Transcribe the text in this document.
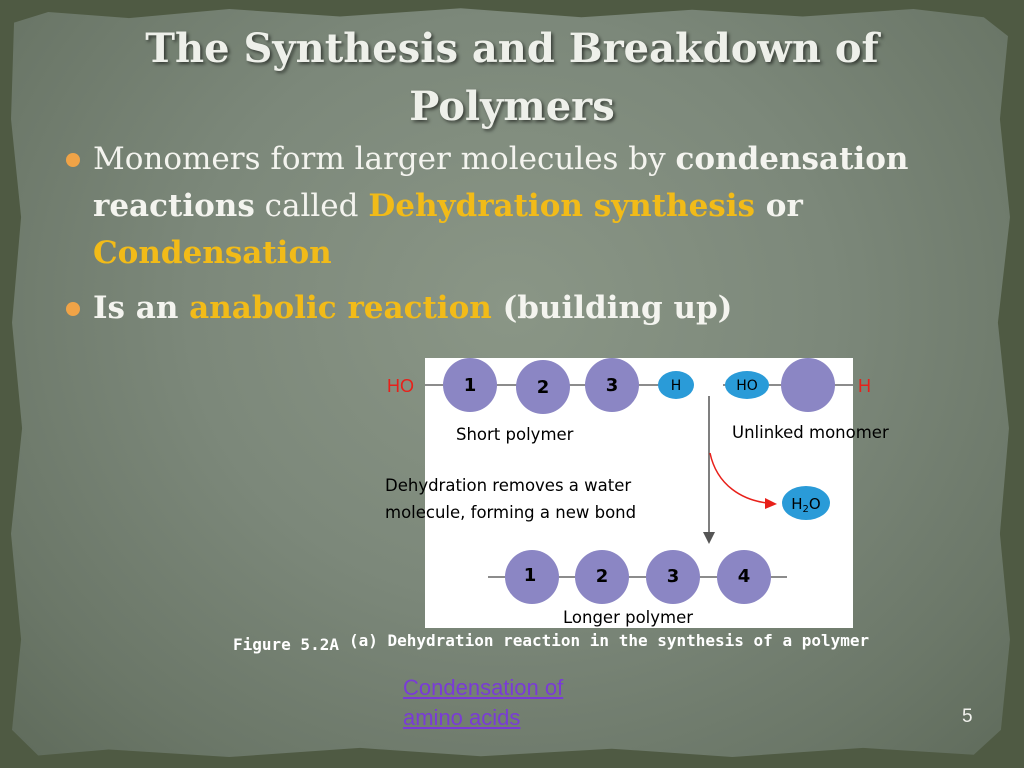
The Synthesis and Breakdown of Polymers
Monomers form larger molecules by condensation reactions called Dehydration synthesis or Condensation
Is an anabolic reaction (building up)
HO	1	2	3	H	HO	H
Short polymer	Unlinked monomer
$H_2O$
Dehydration removes a water
molecule, forming a new bond
1	2	3	4
Longer polymer
Figure 5.2A (a) Dehydration reaction in the synthesis of a polymer
Condensation of amino acids	5
